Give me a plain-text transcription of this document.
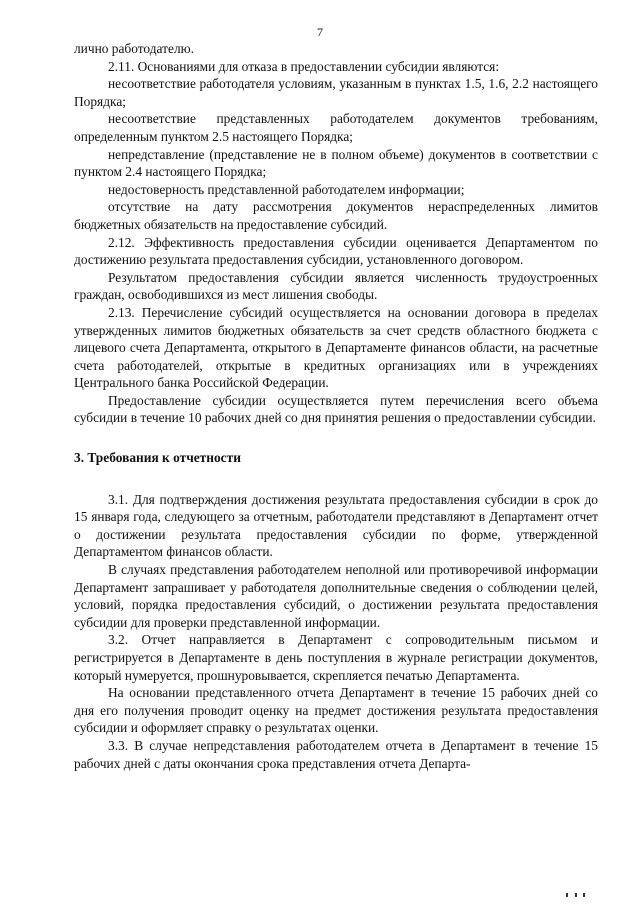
7

лично работодателю.

2.11. Основаниями для отказа в предоставлении субсидии являются:

несоответствие работодателя условиям, указанным в пунктах 1.5, 1.6, 2.2 настоящего Порядка;

несоответствие представленных работодателем документов требованиям, определенным пунктом 2.5 настоящего Порядка;

непредставление (представление не в полном объеме) документов в соответствии с пунктом 2.4 настоящего Порядка;

недостоверность представленной работодателем информации;

отсутствие на дату рассмотрения документов нераспределенных лимитов бюджетных обязательств на предоставление субсидий.

2.12. Эффективность предоставления субсидии оценивается Департаментом по достижению результата предоставления субсидии, установленного договором.

Результатом предоставления субсидии является численность трудоустроенных граждан, освободившихся из мест лишения свободы.

2.13. Перечисление субсидий осуществляется на основании договора в пределах утвержденных лимитов бюджетных обязательств за счет средств областного бюджета с лицевого счета Департамента, открытого в Департаменте финансов области, на расчетные счета работодателей, открытые в кредитных организациях или в учреждениях Центрального банка Российской Федерации.

Предоставление субсидии осуществляется путем перечисления всего объема субсидии в течение 10 рабочих дней со дня принятия решения о предоставлении субсидии.

3. Требования к отчетности

3.1. Для подтверждения достижения результата предоставления субсидии в срок до 15 января года, следующего за отчетным, работодатели представляют в Департамент отчет о достижении результата предоставления субсидии по форме, утвержденной Департаментом финансов области.

В случаях представления работодателем неполной или противоречивой информации Департамент запрашивает у работодателя дополнительные сведения о соблюдении целей, условий, порядка предоставления субсидий, о достижении результата предоставления субсидии для проверки представленной информации.

3.2. Отчет направляется в Департамент с сопроводительным письмом и регистрируется в Департаменте в день поступления в журнале регистрации документов, который нумеруется, прошнуровывается, скрепляется печатью Департамента.

На основании представленного отчета Департамент в течение 15 рабочих дней со дня его получения проводит оценку на предмет достижения результата предоставления субсидии и оформляет справку о результатах оценки.

3.3. В случае непредставления работодателем отчета в Департамент в течение 15 рабочих дней с даты окончания срока представления отчета Департа-
